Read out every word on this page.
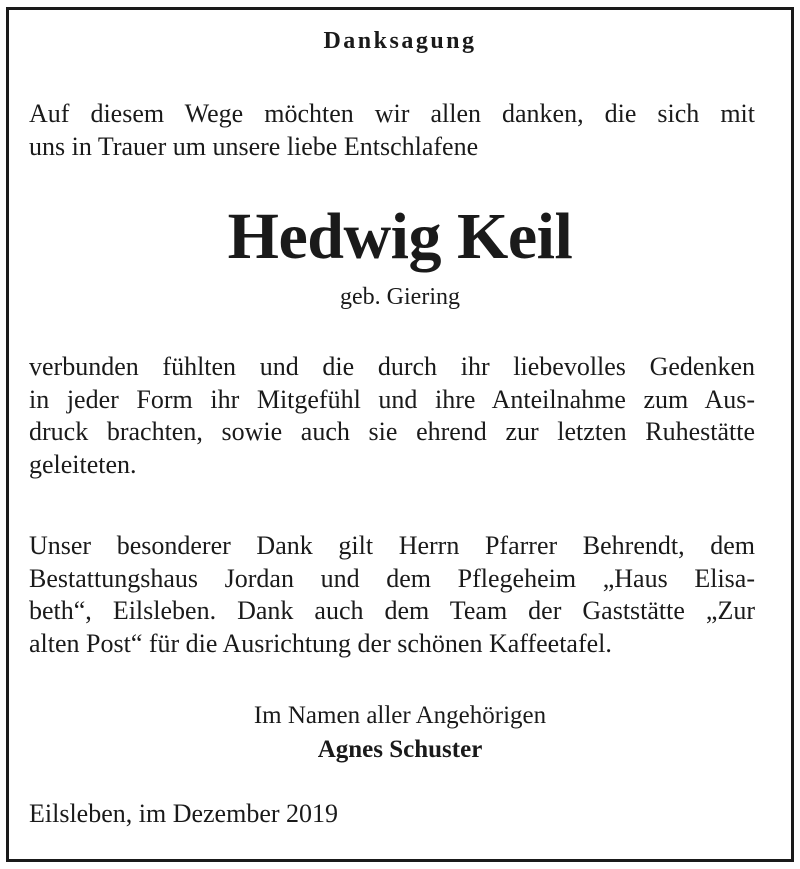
Danksagung
Auf diesem Wege möchten wir allen danken, die sich mit
uns in Trauer um unsere liebe Entschlafene
Hedwig Keil
geb. Giering
verbunden fühlten und die durch ihr liebevolles Gedenken
in jeder Form ihr Mitgefühl und ihre Anteilnahme zum Aus-
druck brachten, sowie auch sie ehrend zur letzten Ruhestätte
geleiteten.
Unser besonderer Dank gilt Herrn Pfarrer Behrendt, dem
Bestattungshaus Jordan und dem Pflegeheim „Haus Elisa-
beth“, Eilsleben. Dank auch dem Team der Gaststätte „Zur
alten Post“ für die Ausrichtung der schönen Kaffeetafel.
Im Namen aller Angehörigen
Agnes Schuster
Eilsleben, im Dezember 2019
